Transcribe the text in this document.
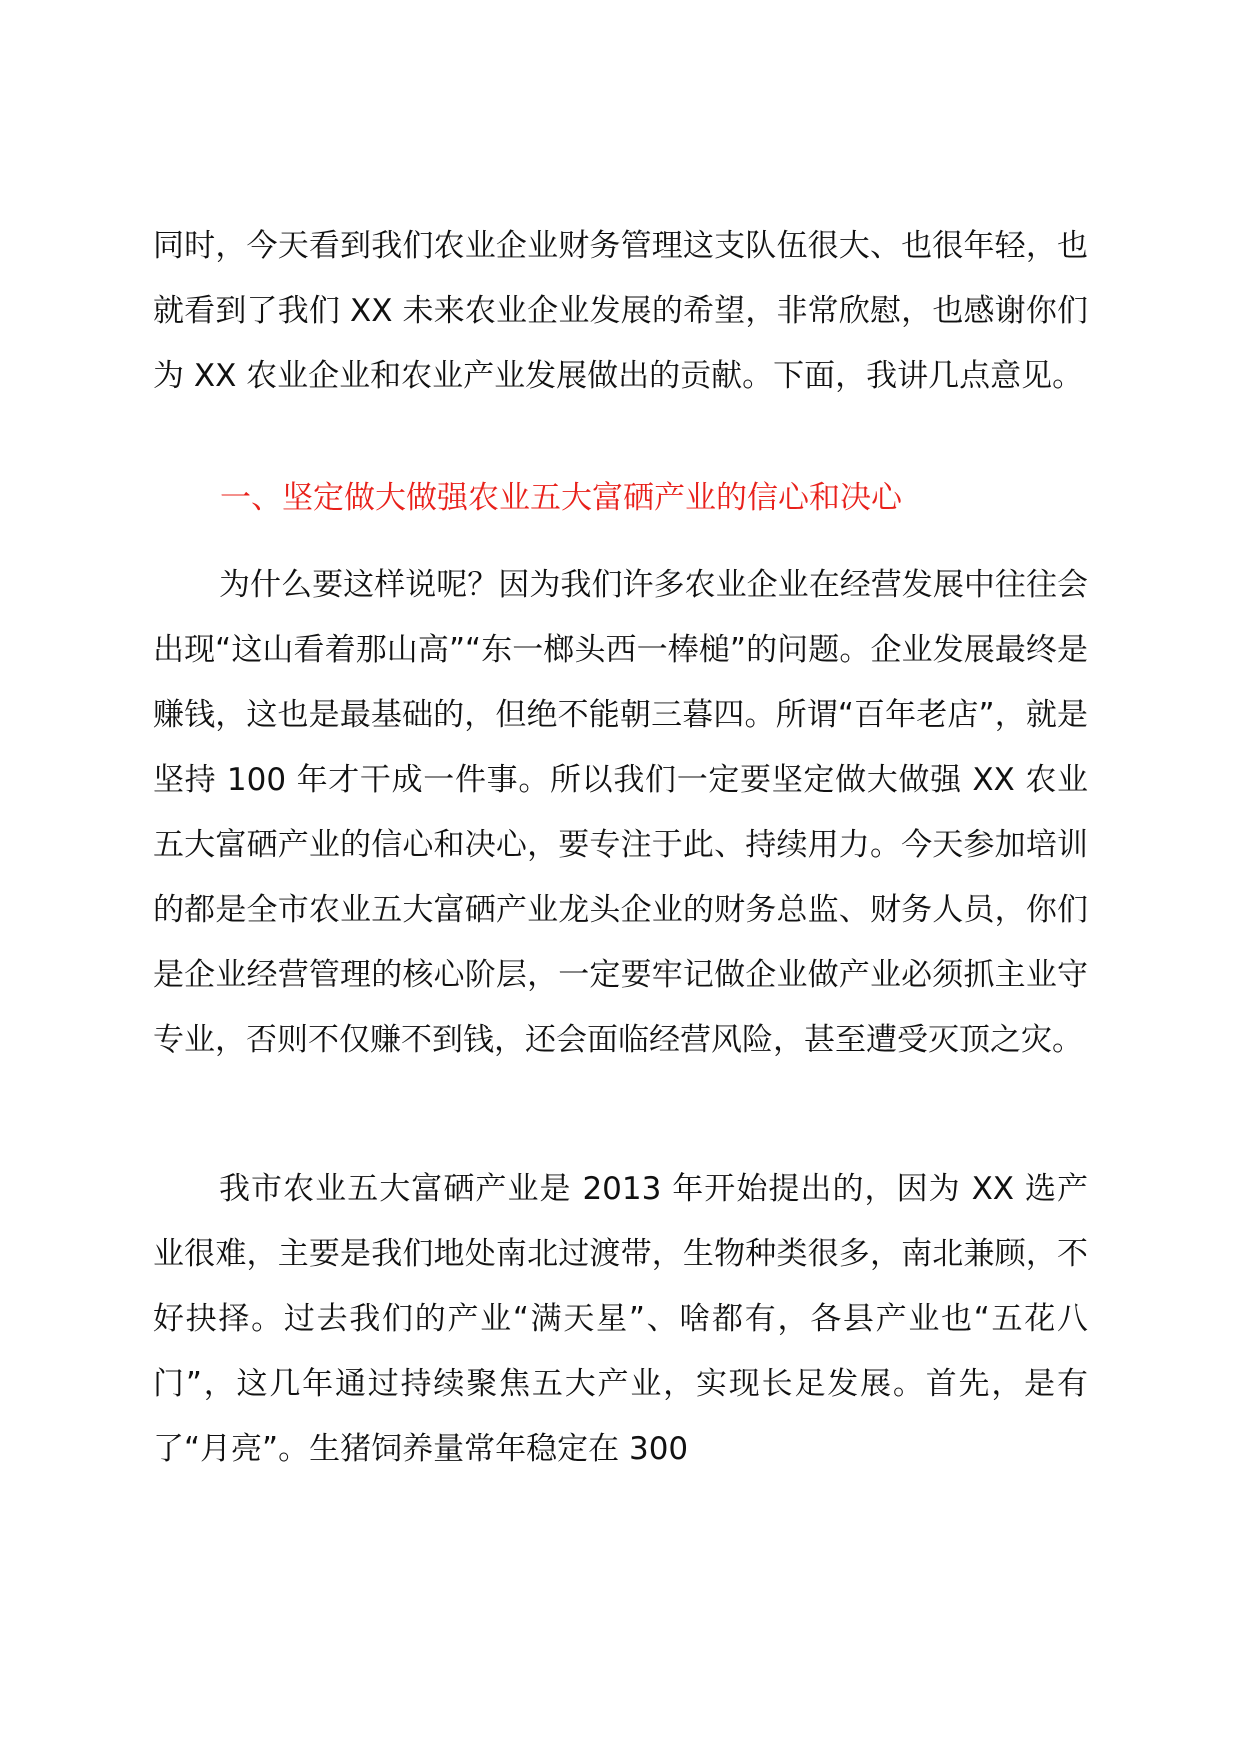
同时，今天看到我们农业企业财务管理这支队伍很大、也很年轻，也就看到了我们 XX 未来农业企业发展的希望，非常欣慰，也感谢你们为 XX 农业企业和农业产业发展做出的贡献。下面，我讲几点意见。

一、坚定做大做强农业五大富硒产业的信心和决心

为什么要这样说呢？因为我们许多农业企业在经营发展中往往会出现“这山看着那山高”“东一榔头西一棒槌”的问题。企业发展最终是赚钱，这也是最基础的，但绝不能朝三暮四。所谓“百年老店”，就是坚持 100 年才干成一件事。所以我们一定要坚定做大做强 XX 农业五大富硒产业的信心和决心，要专注于此、持续用力。今天参加培训的都是全市农业五大富硒产业龙头企业的财务总监、财务人员，你们是企业经营管理的核心阶层，一定要牢记做企业做产业必须抓主业守专业，否则不仅赚不到钱，还会面临经营风险，甚至遭受灭顶之灾。

我市农业五大富硒产业是 2013 年开始提出的，因为 XX 选产业很难，主要是我们地处南北过渡带，生物种类很多，南北兼顾，不好抉择。过去我们的产业“满天星”、啥都有，各县产业也“五花八门”，这几年通过持续聚焦五大产业，实现长足发展。首先，是有了“月亮”。生猪饲养量常年稳定在 300
